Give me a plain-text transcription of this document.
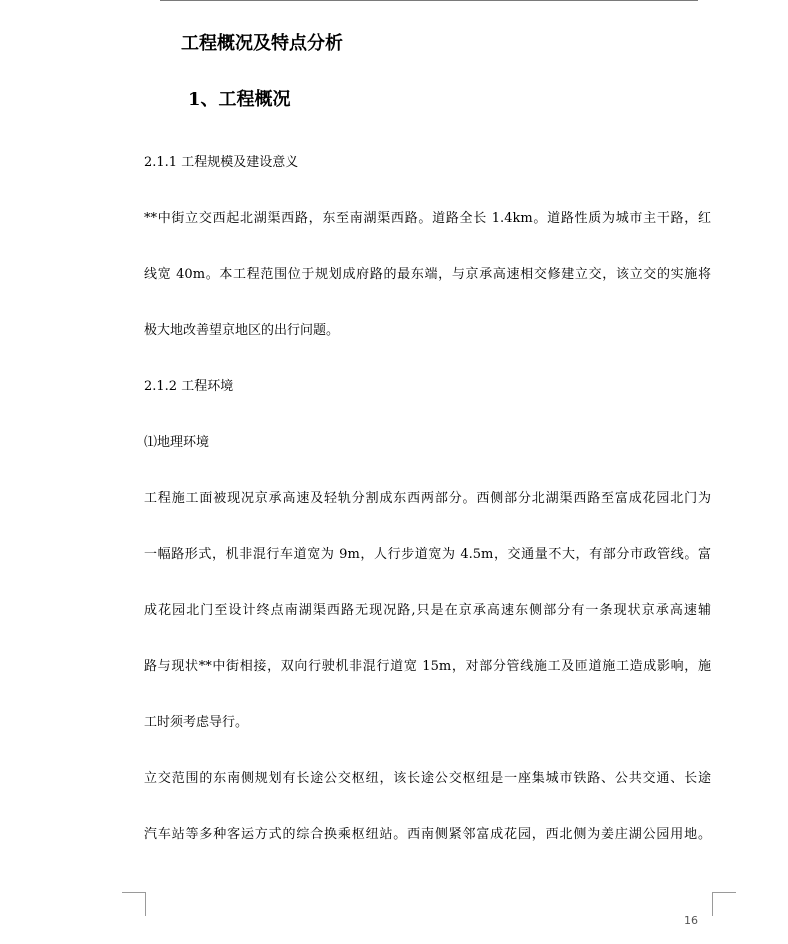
工程概况及特点分析
1、工程概况
2.1.1 工程规模及建设意义
**中街立交西起北湖渠西路，东至南湖渠西路。道路全长 1.4km。道路性质为城市主干路，红
线宽 40m。本工程范围位于规划成府路的最东端，与京承高速相交修建立交，该立交的实施将
极大地改善望京地区的出行问题。
2.1.2 工程环境
⑴地理环境
工程施工面被现况京承高速及轻轨分割成东西两部分。西侧部分北湖渠西路至富成花园北门为
一幅路形式，机非混行车道宽为 9m，人行步道宽为 4.5m，交通量不大，有部分市政管线。富
成花园北门至设计终点南湖渠西路无现况路,只是在京承高速东侧部分有一条现状京承高速辅
路与现状**中街相接，双向行驶机非混行道宽 15m，对部分管线施工及匝道施工造成影响，施
工时须考虑导行。
立交范围的东南侧规划有长途公交枢纽，该长途公交枢纽是一座集城市铁路、公共交通、长途
汽车站等多种客运方式的综合换乘枢纽站。西南侧紧邻富成花园，西北侧为姜庄湖公园用地。
16
